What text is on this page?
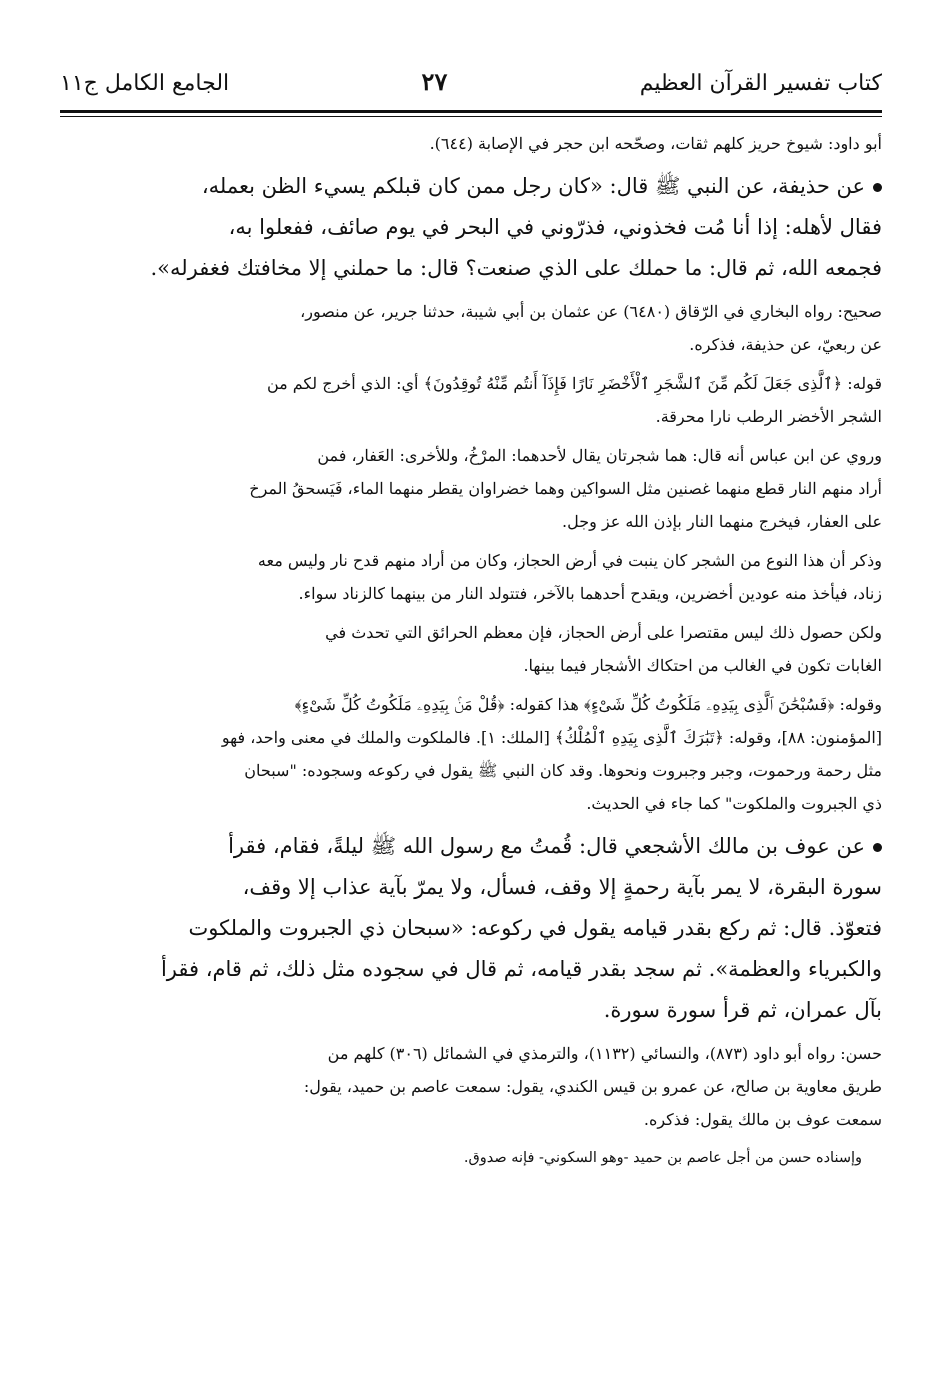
كتاب تفسير القرآن العظيم
٢٧
الجامع الكامل ج١١

أبو داود: شيوخ حريز كلهم ثقات، وصحّحه ابن حجر في الإصابة (٦٤٤).

عن حذيفة، عن النبي ﷺ قال: «كان رجل ممن كان قبلكم يسيء الظن بعمله،

فقال لأهله: إذا أنا مُت فخذوني، فذرّوني في البحر في يوم صائف، ففعلوا به،

فجمعه الله، ثم قال: ما حملك على الذي صنعت؟ قال: ما حملني إلا مخافتك فغفرله».

صحيح: رواه البخاري في الرّقاق (٦٤٨٠) عن عثمان بن أبي شيبة، حدثنا جرير، عن منصور،

عن ربعيّ، عن حذيفة، فذكره.

قوله: ﴿ٱلَّذِى جَعَلَ لَكُم مِّنَ ٱلشَّجَرِ ٱلْأَخْضَرِ نَارًا فَإِذَآ أَنتُم مِّنْهُ تُوقِدُونَ﴾ أي: الذي أخرج لكم من

الشجر الأخضر الرطب نارا محرقة.

وروي عن ابن عباس أنه قال: هما شجرتان يقال لأحدهما: المرْخُ، وللأخرى: العَفار، فمن

أراد منهم النار قطع منهما غصنين مثل السواكين وهما خضراوان يقطر منهما الماء، فَيَسحقُ المرخ

على العفار، فيخرج منهما النار بإذن الله عز وجل.

وذكر أن هذا النوع من الشجر كان ينبت في أرض الحجاز، وكان من أراد منهم قدح نار وليس معه

زناد، فيأخذ منه عودين أخضرين، ويقدح أحدهما بالآخر، فتتولد النار من بينهما كالزناد سواء.

ولكن حصول ذلك ليس مقتصرا على أرض الحجاز، فإن معظم الحرائق التي تحدث في

الغابات تكون في الغالب من احتكاك الأشجار فيما بينها.

وقوله: ﴿فَسُبْحَٰنَ ٱلَّذِى بِيَدِهِۦ مَلَكُوتُ كُلِّ شَىْءٍ﴾ هذا كقوله: ﴿قُلْ مَنۢ بِيَدِهِۦ مَلَكُوتُ كُلِّ شَىْءٍ﴾

[المؤمنون: ٨٨]، وقوله: ﴿تَبَٰرَكَ ٱلَّذِى بِيَدِهِ ٱلْمُلْكُ﴾ [الملك: ١]. فالملكوت والملك في معنى واحد، فهو

مثل رحمة ورحموت، وجبر وجبروت ونحوها. وقد كان النبي ﷺ يقول في ركوعه وسجوده: "سبحان

ذي الجبروت والملكوت" كما جاء في الحديث.

عن عوف بن مالك الأشجعي قال: قُمتُ مع رسول الله ﷺ ليلةً، فقام، فقرأ

سورة البقرة، لا يمر بآية رحمةٍ إلا وقف، فسأل، ولا يمرّ بآية عذاب إلا وقف،

فتعوّذ. قال: ثم ركع بقدر قيامه يقول في ركوعه: «سبحان ذي الجبروت والملكوت

والكبرياء والعظمة». ثم سجد بقدر قيامه، ثم قال في سجوده مثل ذلك، ثم قام، فقرأ

بآل عمران، ثم قرأ سورة سورة.

حسن: رواه أبو داود (٨٧٣)، والنسائي (١١٣٢)، والترمذي في الشمائل (٣٠٦) كلهم من

طريق معاوية بن صالح، عن عمرو بن قيس الكندي، يقول: سمعت عاصم بن حميد، يقول:

سمعت عوف بن مالك يقول: فذكره.

وإسناده حسن من أجل عاصم بن حميد -وهو السكوني- فإنه صدوق.
